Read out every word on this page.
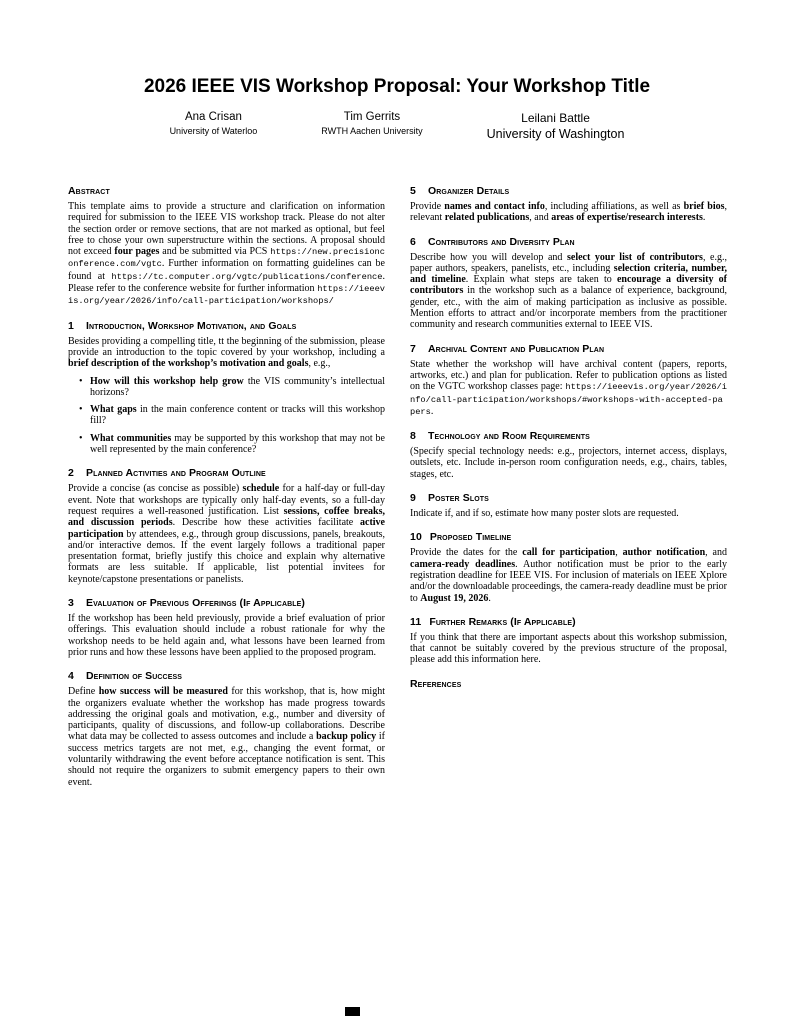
2026 IEEE VIS Workshop Proposal: Your Workshop Title
Ana Crisan
University of Waterloo
Tim Gerrits
RWTH Aachen University
Leilani Battle
University of Washington
Abstract

This template aims to provide a structure and clarification on information required for submission to the IEEE VIS workshop track. Please do not alter the section order or remove sections, that are not marked as optional, but feel free to chose your own superstructure within the sections. A proposal should not exceed four pages and be submitted via PCS https://new.precisionconference.com/vgtc. Further information on formatting guidelines can be found at https://tc.computer.org/vgtc/publications/conference. Please refer to the conference website for further information https://ieeevis.org/year/2026/info/call-participation/workshops/

1 Introduction, Workshop Motivation, and Goals

Besides providing a compelling title, tt the beginning of the submission, please provide an introduction to the topic covered by your workshop, including a brief description of the workshop’s motivation and goals, e.g.,

• How will this workshop help grow the VIS community’s intellectual horizons?
• What gaps in the main conference content or tracks will this workshop fill?
• What communities may be supported by this workshop that may not be well represented by the main conference?
2 Planned Activities and Program Outline

Provide a concise (as concise as possible) schedule for a half-day or full-day event. Note that workshops are typically only half-day events, so a full-day request requires a well-reasoned justification. List sessions, coffee breaks, and discussion periods. Describe how these activities facilitate active participation by attendees, e.g., through group discussions, panels, breakouts, and/or interactive demos. If the event largely follows a traditional paper presentation format, briefly justify this choice and explain why alternative formats are less suitable. If applicable, list potential invitees for keynote/capstone presentations or panelists.

3 Evaluation of Previous Offerings (If Applicable)

If the workshop has been held previously, provide a brief evaluation of prior offerings. This evaluation should include a robust rationale for why the workshop needs to be held again and, what lessons have been learned from prior runs and how these lessons have been applied to the proposed program.

4 Definition of Success

Define how success will be measured for this workshop, that is, how might the organizers evaluate whether the workshop has made progress towards addressing the original goals and motivation, e.g., number and diversity of participants, quality of discussions, and follow-up collaborations. Describe what data may be collected to assess outcomes and include a backup policy if success metrics targets are not met, e.g., changing the event format, or voluntarily withdrawing the event before acceptance notification is sent. This should not require the organizers to submit emergency papers to their own event.

5 Organizer Details

Provide names and contact info, including affiliations, as well as brief bios, relevant related publications, and areas of expertise/research interests.

6 Contributors and Diversity Plan

Describe how you will develop and select your list of contributors, e.g., paper authors, speakers, panelists, etc., including selection criteria, number, and timeline. Explain what steps are taken to encourage a diversity of contributors in the workshop such as a balance of experience, background, gender, etc., with the aim of making participation as inclusive as possible. Mention efforts to attract and/or incorporate members from the practitioner community and research communities external to IEEE VIS.

7 Archival Content and Publication Plan

State whether the workshop will have archival content (papers, reports, artworks, etc.) and plan for publication. Refer to publication options as listed on the VGTC workshop classes page: https://ieeevis.org/year/2026/info/call-participation/workshops/#workshops-with-accepted-papers.

8 Technology and Room Requirements

(Specify special technology needs: e.g., projectors, internet access, displays, outslets, etc. Include in-person room configuration needs, e.g., chairs, tables, stages, etc.

9 Poster Slots

Indicate if, and if so, estimate how many poster slots are requested.

10 Proposed Timeline

Provide the dates for the call for participation, author notification, and camera-ready deadlines. Author notification must be prior to the early registration deadline for IEEE VIS. For inclusion of materials on IEEE Xplore and/or the downloadable proceedings, the camera-ready deadline must be prior to August 19, 2026.

11 Further Remarks (If Applicable)

If you think that there are important aspects about this workshop submission, that cannot be suitably covered by the previous structure of the proposal, please add this information here.

References
